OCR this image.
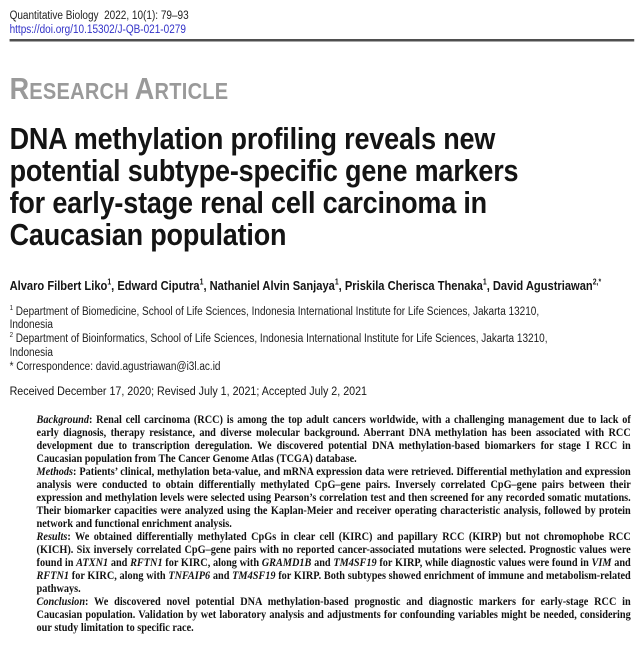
Quantitative Biology  2022, 10(1): 79–93
https://doi.org/10.15302/J-QB-021-0279
RESEARCH ARTICLE
DNA methylation profiling reveals new potential subtype-specific gene markers for early-stage renal cell carcinoma in Caucasian population
Alvaro Filbert Liko$^1$, Edward Ciputra$^1$, Nathaniel Alvin Sanjaya$^1$, Priskila Cherisca Thenaka$^1$, David Agustriawan$^{2,*}$
$^1$ Department of Biomedicine, School of Life Sciences, Indonesia International Institute for Life Sciences, Jakarta 13210, Indonesia
$^2$ Department of Bioinformatics, School of Life Sciences, Indonesia International Institute for Life Sciences, Jakarta 13210, Indonesia
* Correspondence: david.agustriawan@i3l.ac.id
Received December 17, 2020; Revised July 1, 2021; Accepted July 2, 2021

Background: Renal cell carcinoma (RCC) is among the top adult cancers worldwide, with a challenging management due to lack of early diagnosis, therapy resistance, and diverse molecular background. Aberrant DNA methylation has been associated with RCC development due to transcription deregulation. We discovered potential DNA methylation-based biomarkers for stage I RCC in Caucasian population from The Cancer Genome Atlas (TCGA) database.

Methods: Patients’ clinical, methylation beta-value, and mRNA expression data were retrieved. Differential methylation and expression analysis were conducted to obtain differentially methylated CpG–gene pairs. Inversely correlated CpG–gene pairs between their expression and methylation levels were selected using Pearson’s correlation test and then screened for any recorded somatic mutations. Their biomarker capacities were analyzed using the Kaplan-Meier and receiver operating characteristic analysis, followed by protein network and functional enrichment analysis.

Results: We obtained differentially methylated CpGs in clear cell (KIRC) and papillary RCC (KIRP) but not chromophobe RCC (KICH). Six inversely correlated CpG–gene pairs with no reported cancer-associated mutations were selected. Prognostic values were found in ATXN1 and RFTN1 for KIRC, along with GRAMD1B and TM4SF19 for KIRP, while diagnostic values were found in VIM and RFTN1 for KIRC, along with TNFAIP6 and TM4SF19 for KIRP. Both subtypes showed enrichment of immune and metabolism-related pathways.

Conclusion: We discovered novel potential DNA methylation-based prognostic and diagnostic markers for early-stage RCC in Caucasian population. Validation by wet laboratory analysis and adjustments for confounding variables might be needed, considering our study limitation to specific race.
